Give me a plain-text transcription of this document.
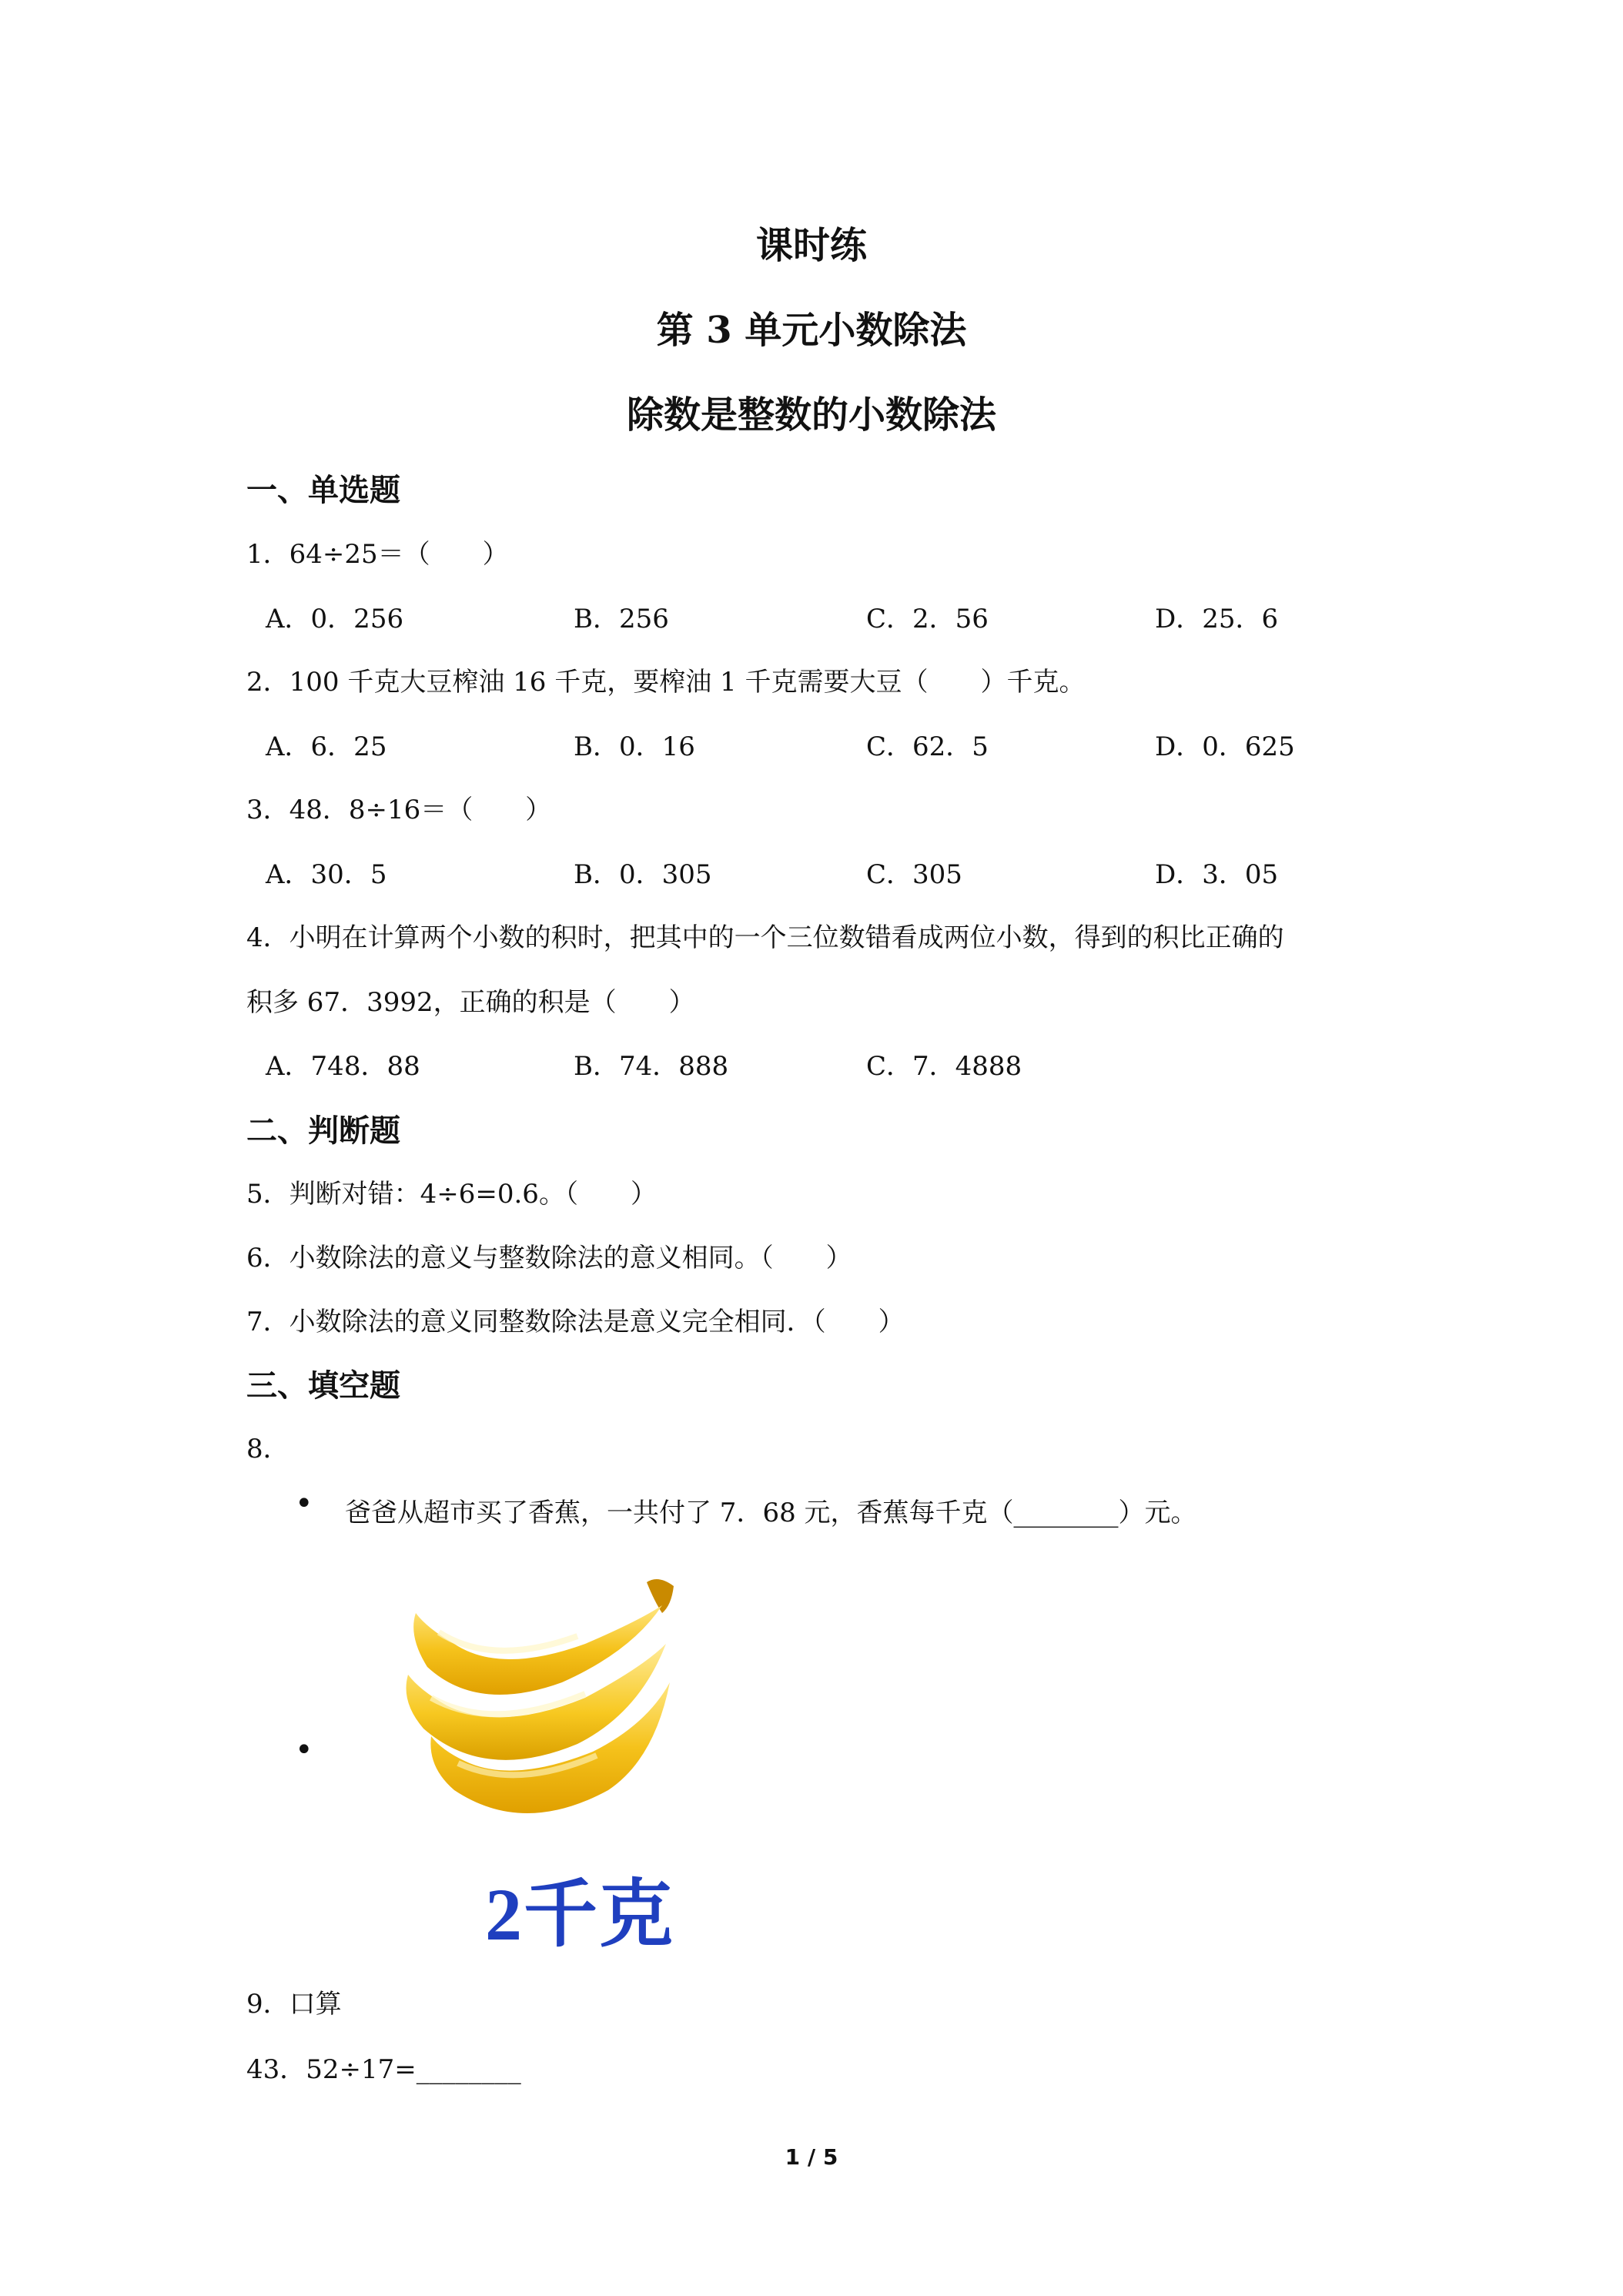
课时练
第 3 单元小数除法
除数是整数的小数除法
一、单选题
1．64÷25＝（　　）
A．0．256	B．256	C．2．56	D．25．6
2．100 千克大豆榨油 16 千克，要榨油 1 千克需要大豆（　　）千克。
A．6．25	B．0．16	C．62．5	D．0．625
3．48．8÷16＝（　　）
A．30．5	B．0．305	C．305	D．3．05
4．小明在计算两个小数的积时，把其中的一个三位数错看成两位小数，得到的积比正确的
积多 67．3992，正确的积是（　　）
A．748．88	B．74．888	C．7．4888
二、判断题
5．判断对错：4÷6=0.6。（　　）
6．小数除法的意义与整数除法的意义相同。（　　）
7．小数除法的意义同整数除法是意义完全相同．（　　）
三、填空题
8．
• 爸爸从超市买了香蕉，一共付了 7．68 元，香蕉每千克（________）元。
•
2千克
9．口算
43．52÷17=________
1 / 5
